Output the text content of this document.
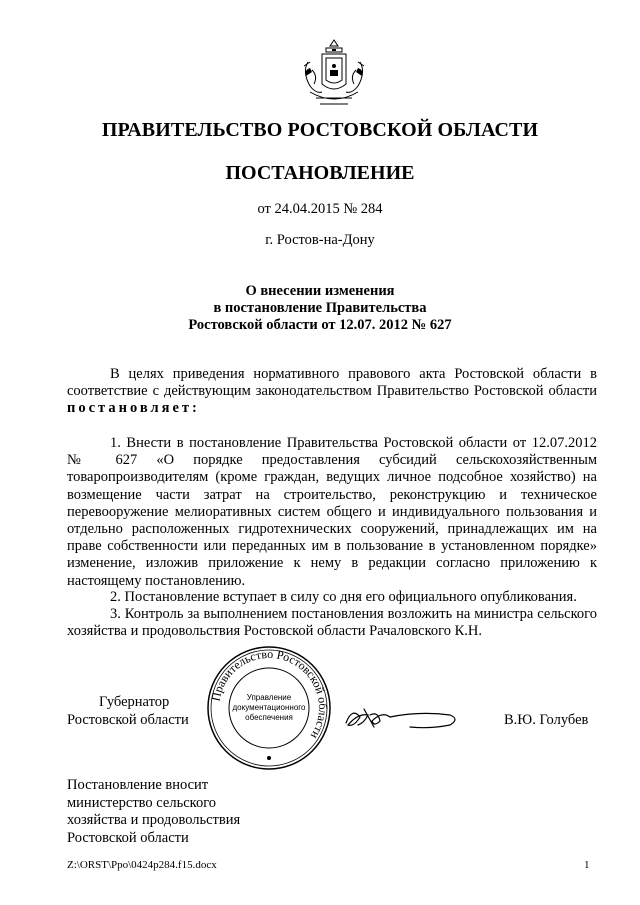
ПРАВИТЕЛЬСТВО РОСТОВСКОЙ ОБЛАСТИ
ПОСТАНОВЛЕНИЕ
от 24.04.2015 № 284
г. Ростов-на-Дону
О внесении изменения
в постановление Правительства
Ростовской области от 12.07. 2012 № 627
В целях приведения нормативного правового акта Ростовской области в соответствие с действующим законодательством Правительство Ростовской области постановляет:
1. Внести в постановление Правительства Ростовской области от 12.07.2012 № 627 «О порядке предоставления субсидий сельскохозяйственным товаропроизводителям (кроме граждан, ведущих личное подсобное хозяйство) на возмещение части затрат на строительство, реконструкцию и техническое перевооружение мелиоративных систем общего и индивидуального пользования и отдельно расположенных гидротехнических сооружений, принадлежащих им на праве собственности или переданных им в пользование в установленном порядке» изменение, изложив приложение к нему в редакции согласно приложению к настоящему постановлению.
2. Постановление вступает в силу со дня его официального опубликования.
3. Контроль за выполнением постановления возложить на министра сельского хозяйства и продовольствия Ростовской области Рачаловского К.Н.
Губернатор
Ростовской области
Правительство Ростовской области
Управление
документационного
обеспечения	В.Ю. Голубев
Постановление вносит
министерство сельского
хозяйства и продовольствия
Ростовской области
Z:\ORST\Ppo\0424p284.f15.docx	1
